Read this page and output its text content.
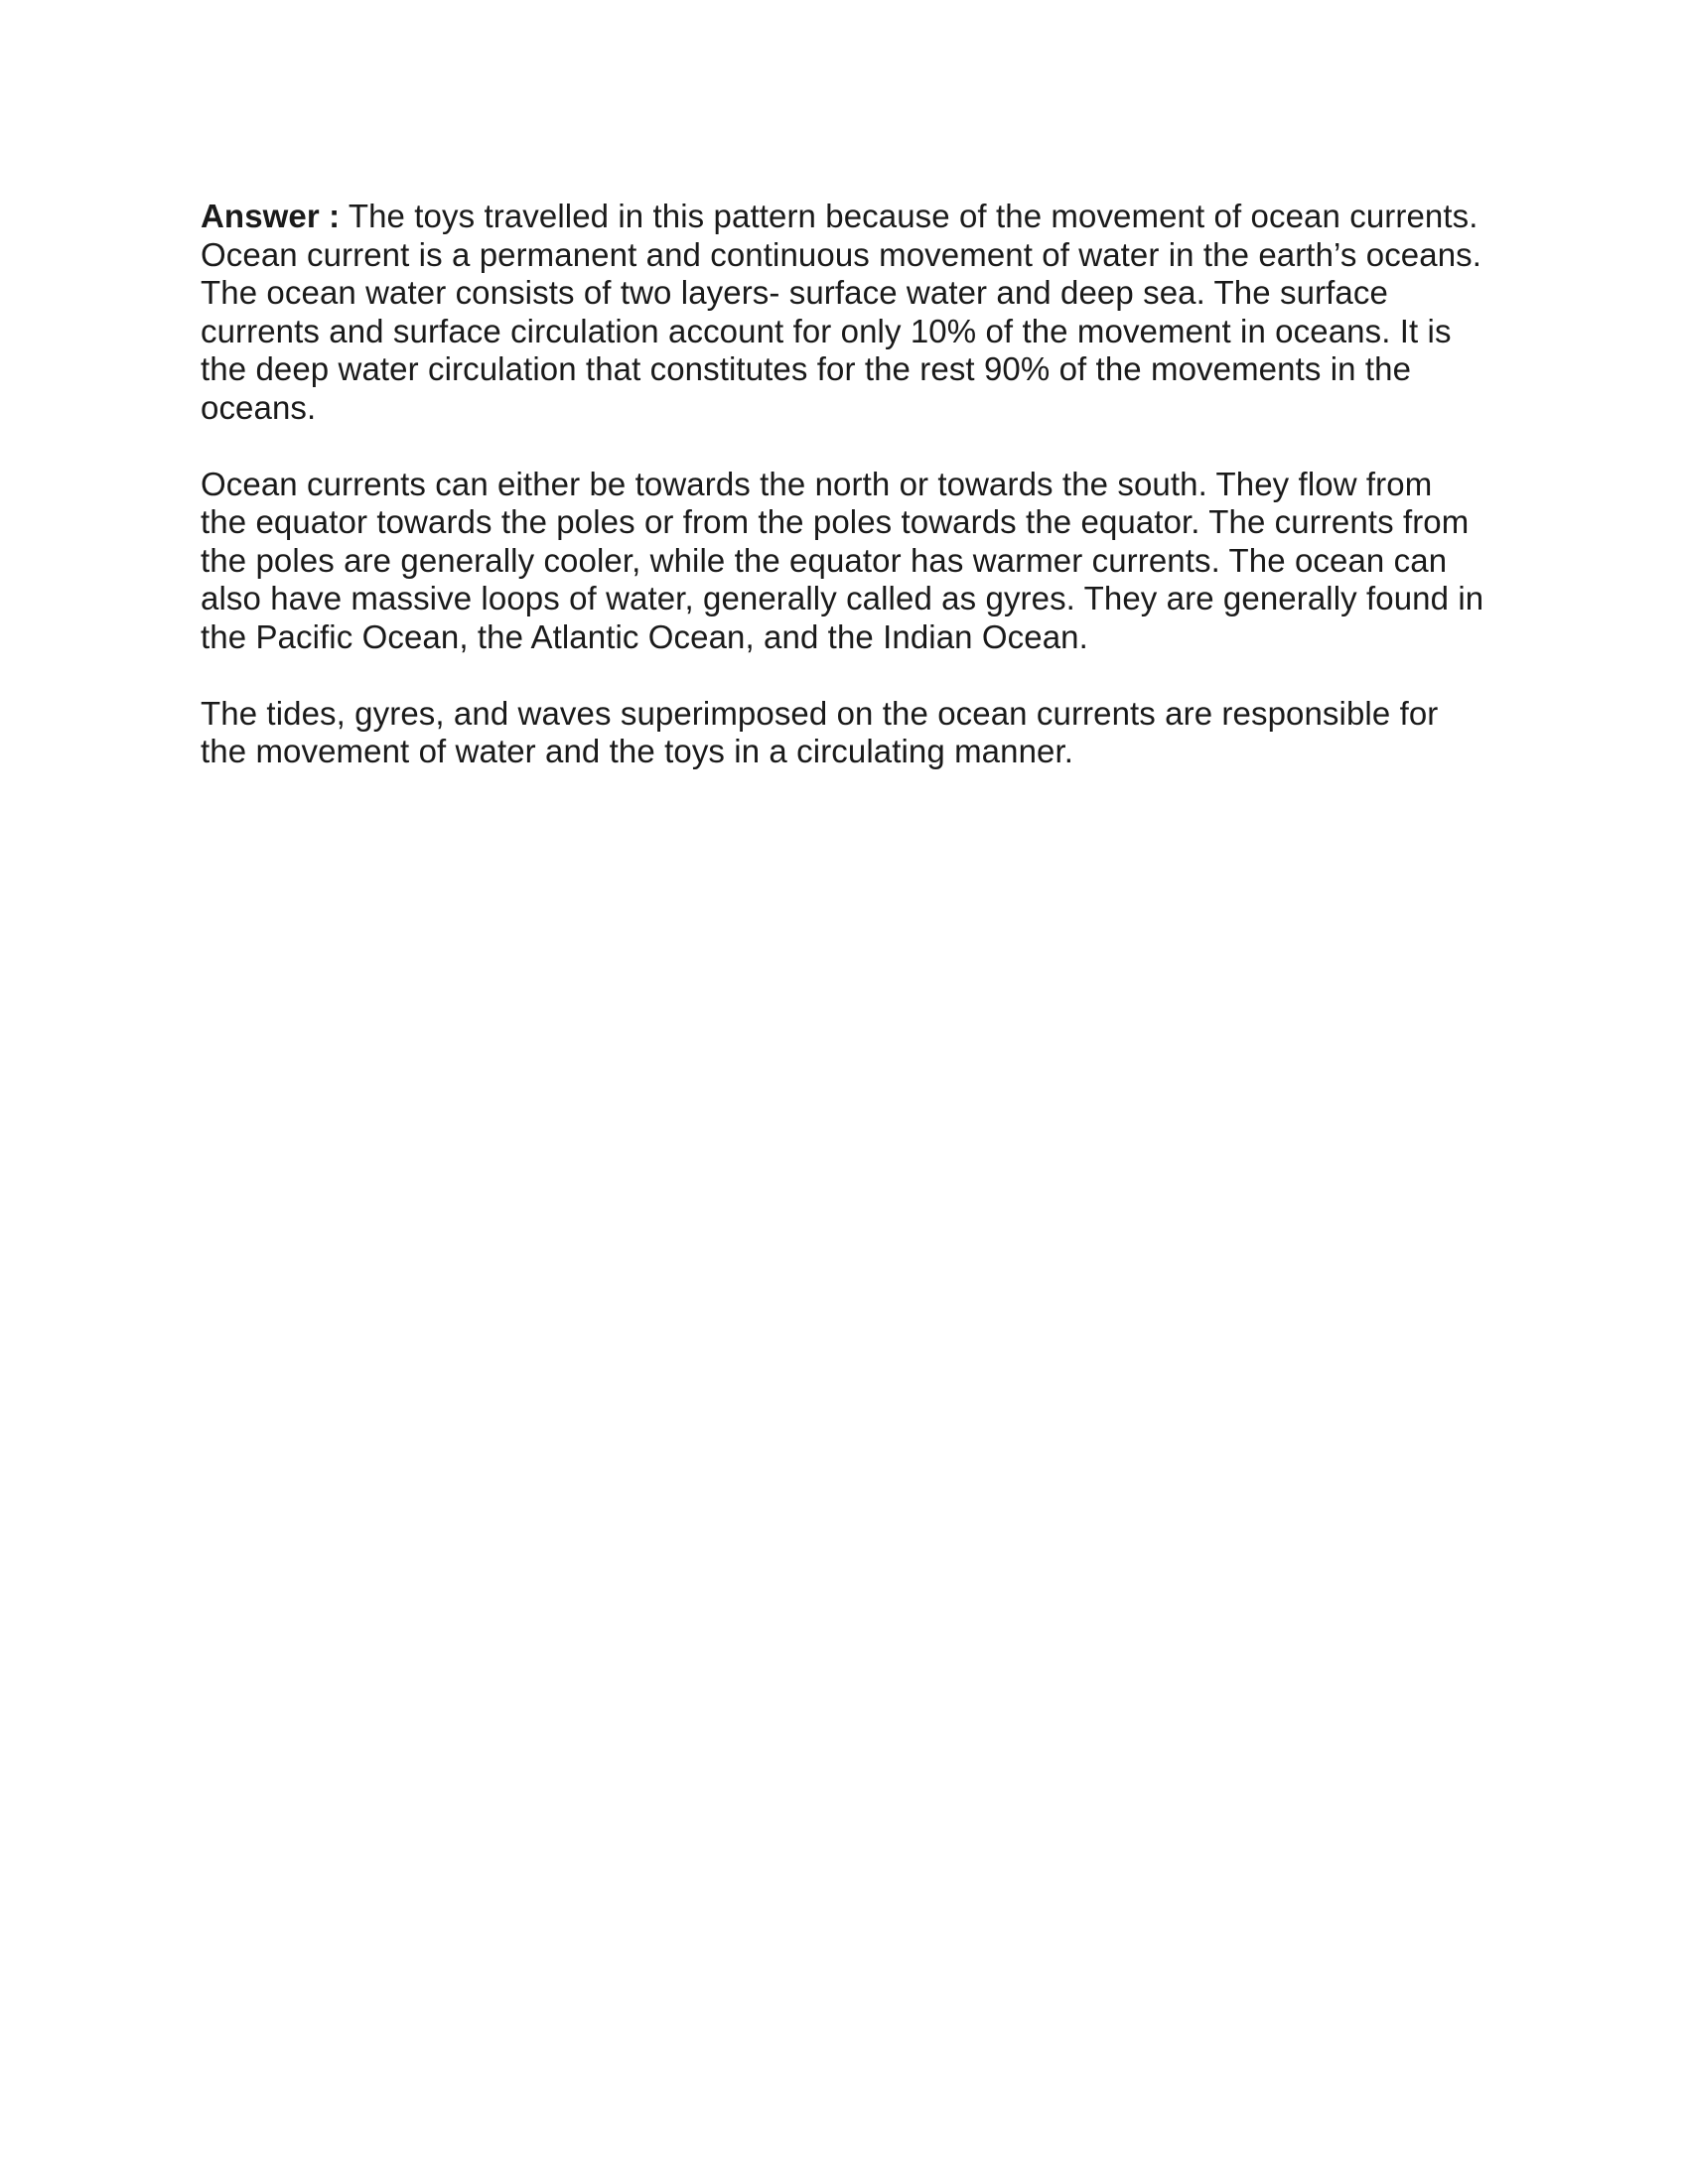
Answer : The toys travelled in this pattern because of the movement of ocean currents.
Ocean current is a permanent and continuous movement of water in the earth’s oceans.
The ocean water consists of two layers- surface water and deep sea. The surface
currents and surface circulation account for only 10% of the movement in oceans. It is
the deep water circulation that constitutes for the rest 90% of the movements in the
oceans.

Ocean currents can either be towards the north or towards the south. They flow from
the equator towards the poles or from the poles towards the equator. The currents from
the poles are generally cooler, while the equator has warmer currents. The ocean can
also have massive loops of water, generally called as gyres. They are generally found in
the Pacific Ocean, the Atlantic Ocean, and the Indian Ocean.

The tides, gyres, and waves superimposed on the ocean currents are responsible for
the movement of water and the toys in a circulating manner.
